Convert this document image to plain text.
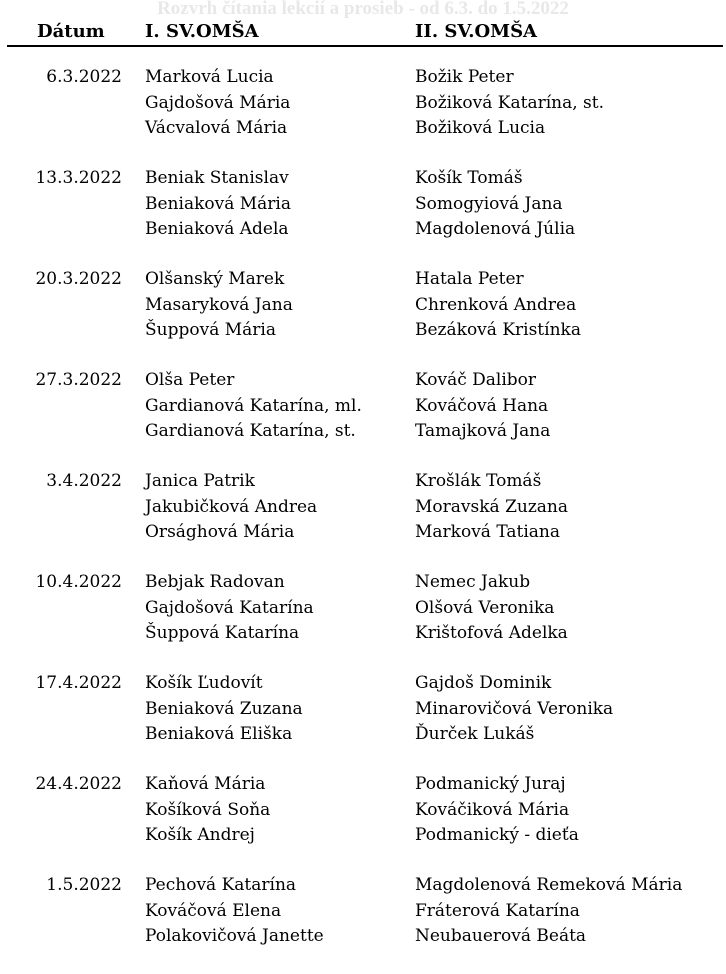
Rozvrh čítania lekcií a prosieb - od 6.3. do 1.5.2022
Dátum I. SV.OMŠA	II. SV.OMŠA
6.3.2022 Marková Lucia
Gajdošová Mária
Vácvalová Mária
Božik Peter
Božiková Katarína, st.
Božiková Lucia
13.3.2022 Beniak Stanislav
Beniaková Mária
Beniaková Adela
Košík Tomáš
Somogyiová Jana
Magdolenová Júlia
20.3.2022 Olšanský Marek
Masaryková Jana
Šuppová Mária
Hatala Peter
Chrenková Andrea
Bezáková Kristínka
27.3.2022 Olša Peter
Gardianová Katarína, ml.
Gardianová Katarína, st.
Kováč Dalibor
Kováčová Hana
Tamajková Jana
3.4.2022 Janica Patrik
Jakubičková Andrea
Orsághová Mária
Krošlák Tomáš
Moravská Zuzana
Marková Tatiana
10.4.2022 Bebjak Radovan
Gajdošová Katarína
Šuppová Katarína
Nemec Jakub
Olšová Veronika
Krištofová Adelka
17.4.2022 Košík Ľudovít
Beniaková Zuzana
Beniaková Eliška
Gajdoš Dominik
Minarovičová Veronika
Ďurček Lukáš
24.4.2022 Kaňová Mária
Košíková Soňa
Košík Andrej
Podmanický Juraj
Kováčiková Mária
Podmanický - dieťa
1.5.2022 Pechová Katarína
Kováčová Elena
Polakovičová Janette
Magdolenová Remeková Mária
Fráterová Katarína
Neubauerová Beáta
